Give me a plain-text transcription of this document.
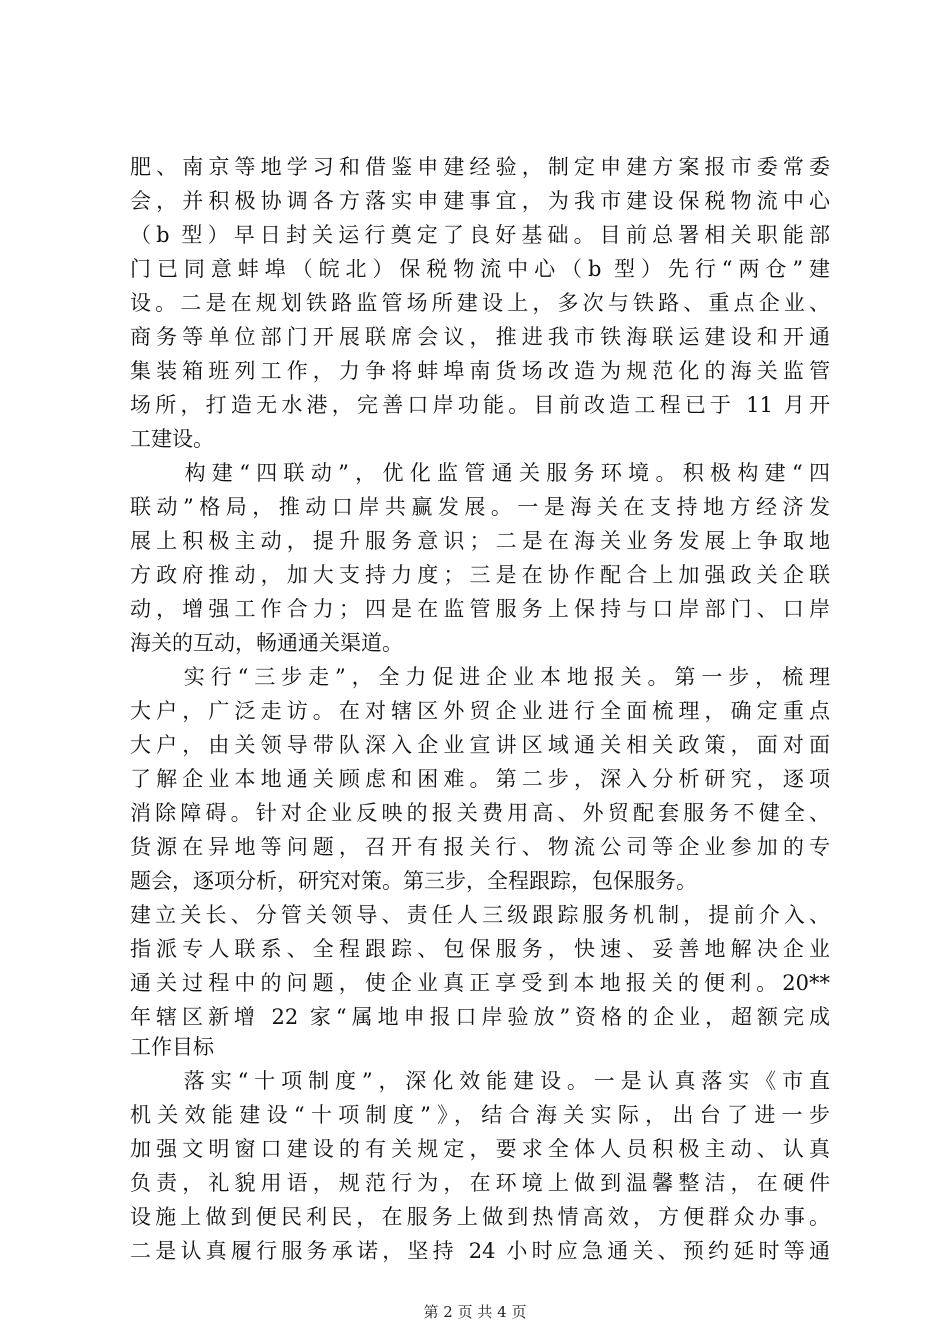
肥、南京等地学习和借鉴申建经验，制定申建方案报市委常委
会，并积极协调各方落实申建事宜，为我市建设保税物流中心
（b 型）早日封关运行奠定了良好基础。目前总署相关职能部
门已同意蚌埠（皖北）保税物流中心（b 型）先行“两仓”建
设。二是在规划铁路监管场所建设上，多次与铁路、重点企业、
商务等单位部门开展联席会议，推进我市铁海联运建设和开通
集装箱班列工作，力争将蚌埠南货场改造为规范化的海关监管
场所，打造无水港，完善口岸功能。目前改造工程已于 11 月开
工建设。
　　构建“四联动”，优化监管通关服务环境。积极构建“四
联动”格局，推动口岸共赢发展。一是海关在支持地方经济发
展上积极主动，提升服务意识；二是在海关业务发展上争取地
方政府推动，加大支持力度；三是在协作配合上加强政关企联
动，增强工作合力；四是在监管服务上保持与口岸部门、口岸
海关的互动，畅通通关渠道。
　　实行“三步走”，全力促进企业本地报关。第一步，梳理
大户，广泛走访。在对辖区外贸企业进行全面梳理，确定重点
大户，由关领导带队深入企业宣讲区域通关相关政策，面对面
了解企业本地通关顾虑和困难。第二步，深入分析研究，逐项
消除障碍。针对企业反映的报关费用高、外贸配套服务不健全、
货源在异地等问题，召开有报关行、物流公司等企业参加的专
题会，逐项分析，研究对策。第三步，全程跟踪，包保服务。
建立关长、分管关领导、责任人三级跟踪服务机制，提前介入、
指派专人联系、全程跟踪、包保服务，快速、妥善地解决企业
通关过程中的问题，使企业真正享受到本地报关的便利。20**
年辖区新增 22 家“属地申报口岸验放”资格的企业，超额完成
工作目标
　　落实“十项制度”，深化效能建设。一是认真落实《市直
机关效能建设“十项制度”》，结合海关实际，出台了进一步
加强文明窗口建设的有关规定，要求全体人员积极主动、认真
负责，礼貌用语，规范行为，在环境上做到温馨整洁，在硬件
设施上做到便民利民，在服务上做到热情高效，方便群众办事。
二是认真履行服务承诺，坚持 24 小时应急通关、预约延时等通
第 2 页 共 4 页
